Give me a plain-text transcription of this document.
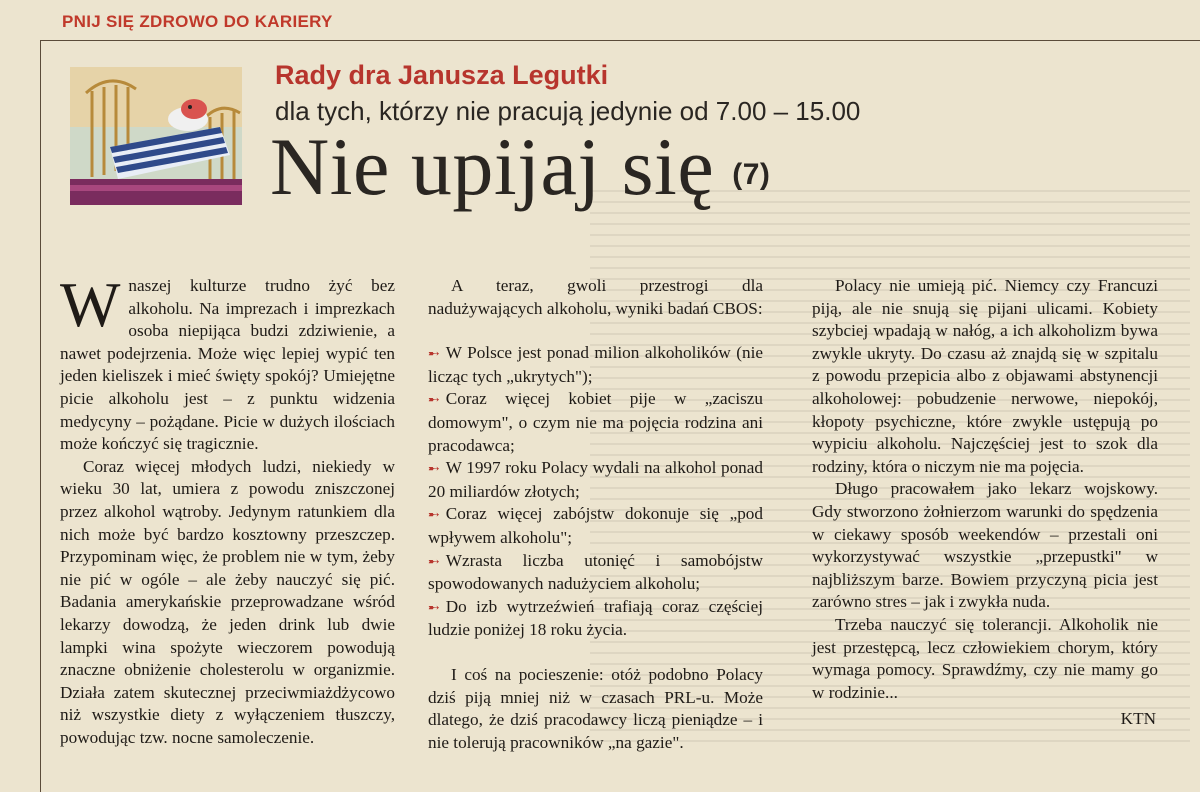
PNIJ SIĘ ZDROWO DO KARIERY
Rady dra Janusza Legutki
dla tych, którzy nie pracują jedynie od 7.00 – 15.00
Nie upijaj się (7)
W naszej kulturze trudno żyć bez alkoholu. Na imprezach i imprezkach osoba niepijąca budzi zdziwienie, a nawet podejrzenia. Może więc lepiej wypić ten jeden kieliszek i mieć święty spokój? Umiejętne picie alkoholu jest – z punktu widzenia medycyny – pożądane. Picie w dużych ilościach może kończyć się tragicznie.

Coraz więcej młodych ludzi, niekiedy w wieku 30 lat, umiera z powodu zniszczonej przez alkohol wątroby. Jedynym ratunkiem dla nich może być bardzo kosztowny przeszczep. Przypominam więc, że problem nie w tym, żeby nie pić w ogóle – ale żeby nauczyć się pić. Badania amerykańskie przeprowadzane wśród lekarzy dowodzą, że jeden drink lub dwie lampki wina spożyte wieczorem powodują znaczne obniżenie cholesterolu w organizmie. Działa zatem skutecznej przeciwmiażdżycowo niż wszystkie diety z wyłączeniem tłuszczy, powodując tzw. nocne samoleczenie.

A teraz, gwoli przestrogi dla nadużywających alkoholu, wyniki badań CBOS:

➸ W Polsce jest ponad milion alkoholików (nie licząc tych „ukrytych");

➸ Coraz więcej kobiet pije w „zaciszu domowym", o czym nie ma pojęcia rodzina ani pracodawca;

➸ W 1997 roku Polacy wydali na alkohol ponad 20 miliardów złotych;

➸ Coraz więcej zabójstw dokonuje się „pod wpływem alkoholu";

➸ Wzrasta liczba utonięć i samobójstw spowodowanych nadużyciem alkoholu;

➸ Do izb wytrzeźwień trafiają coraz częściej ludzie poniżej 18 roku życia.

I coś na pocieszenie: otóż podobno Polacy dziś piją mniej niż w czasach PRL-u. Może dlatego, że dziś pracodawcy liczą pieniądze – i nie tolerują pracowników „na gazie".

Polacy nie umieją pić. Niemcy czy Francuzi piją, ale nie snują się pijani ulicami. Kobiety szybciej wpadają w nałóg, a ich alkoholizm bywa zwykle ukryty. Do czasu aż znajdą się w szpitalu z powodu przepicia albo z objawami abstynencji alkoholowej: pobudzenie nerwowe, niepokój, kłopoty psychiczne, które zwykle ustępują po wypiciu alkoholu. Najczęściej jest to szok dla rodziny, która o niczym nie ma pojęcia.

Długo pracowałem jako lekarz wojskowy. Gdy stworzono żołnierzom warunki do spędzenia w ciekawy sposób weekendów – przestali oni wykorzystywać wszystkie „przepustki" w najbliższym barze. Bowiem przyczyną picia jest zarówno stres – jak i zwykła nuda.

Trzeba nauczyć się tolerancji. Alkoholik nie jest przestępcą, lecz człowiekiem chorym, który wymaga pomocy. Sprawdźmy, czy nie mamy go w rodzinie...

KTN
